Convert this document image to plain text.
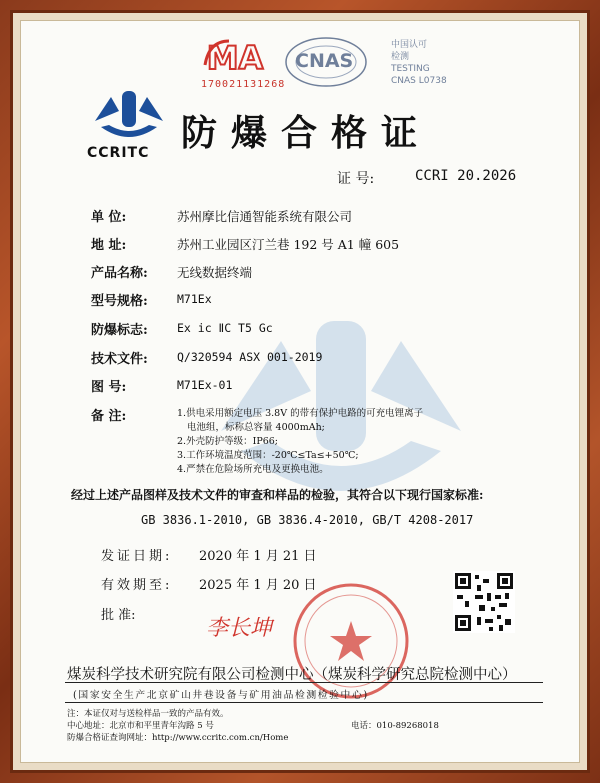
MA
170021131268
CNAS
中国认可
检测
TESTING
CNAS L0738
CCRITC 防爆合格证
证 号:	CCRI 20.2026
单 位:	苏州摩比信通智能系统有限公司
地 址:	苏州工业园区汀兰巷 192 号 A1 幢 605
产品名称: 无线数据终端
型号规格:	M71Ex
防爆标志:	Ex ic ⅡC T5 Gc
技术文件:	Q/320594 ASX 001-2019
图 号:	M71Ex-01
备 注:	1.供电采用额定电压 3.8V 的带有保护电路的可充电锂离子
电池组，标称总容量 4000mAh;
2.外壳防护等级：IP66;
3.工作环境温度范围：-20℃≤Ta≤+50℃;
4.严禁在危险场所充电及更换电池。
经过上述产品图样及技术文件的审查和样品的检验，其符合以下现行国家标准:
GB 3836.1-2010, GB 3836.4-2010, GB/T 4208-2017
发证日期: 2020 年 1 月 21 日
有效期至: 2025 年 1 月 20 日
批 准:
李长坤
煤炭科学技术研究院有限公司检测中心（煤炭科学研究总院检测中心）
(国家安全生产北京矿山井巷设备与矿用油品检测检验中心)
注：本证仅对与送检样品一致的产品有效。
中心地址：北京市和平里青年沟路 5 号	电话：010-89268018
防爆合格证查询网址：http://www.ccritc.com.cn/Home
